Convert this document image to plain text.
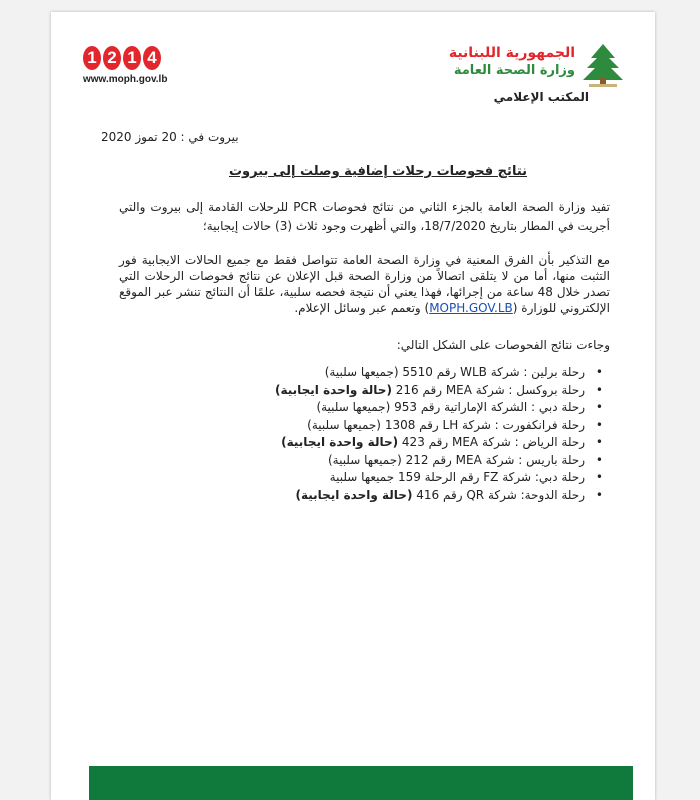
1 2 1 4
www.moph.gov.lb
الجمهورية اللبنانية
وزارة الصحة العامة
المكتب الإعلامي
بيروت في : 20 تموز 2020
نتائج فحوصات رحلات إضافية وصلت إلى بيروت
تفيد وزارة الصحة العامة بالجزء الثاني من نتائج فحوصات PCR للرحلات القادمة إلى بيروت والتي أجريت في المطار بتاريخ 18/7/2020، والتي أظهرت وجود ثلاث (3) حالات إيجابية؛
مع التذكير بأن الفرق المعنية في وزارة الصحة العامة تتواصل فقط مع جميع الحالات الايجابية فور التثبت منها، أما من لا يتلقى اتصالاً من وزارة الصحة قبل الإعلان عن نتائج فحوصات الرحلات التي تصدر خلال 48 ساعة من إجرائها، فهذا يعني أن نتيجة فحصه سلبية، علمًا أن النتائج تنشر عبر الموقع الإلكتروني للوزارة (MOPH.GOV.LB) وتعمم عبر وسائل الإعلام.
وجاءت نتائج الفحوصات على الشكل التالي:
• رحلة برلين : شركة WLB رقم 5510 (جميعها سلبية)
• رحلة بروكسل : شركة MEA رقم 216 (حالة واحدة ايجابية)
• رحلة دبي : الشركة الإماراتية رقم 953 (جميعها سلبية)
• رحلة فرانكفورت : شركة LH رقم 1308 (جميعها سلبية)
• رحلة الرياض : شركة MEA رقم 423 (حالة واحدة ايجابية)
• رحلة باريس : شركة MEA رقم 212 (جميعها سلبية)
• رحلة دبي: شركة FZ رقم الرحلة 159 جميعها سلبية
• رحلة الدوحة: شركة QR رقم 416 (حالة واحدة ايجابية)
